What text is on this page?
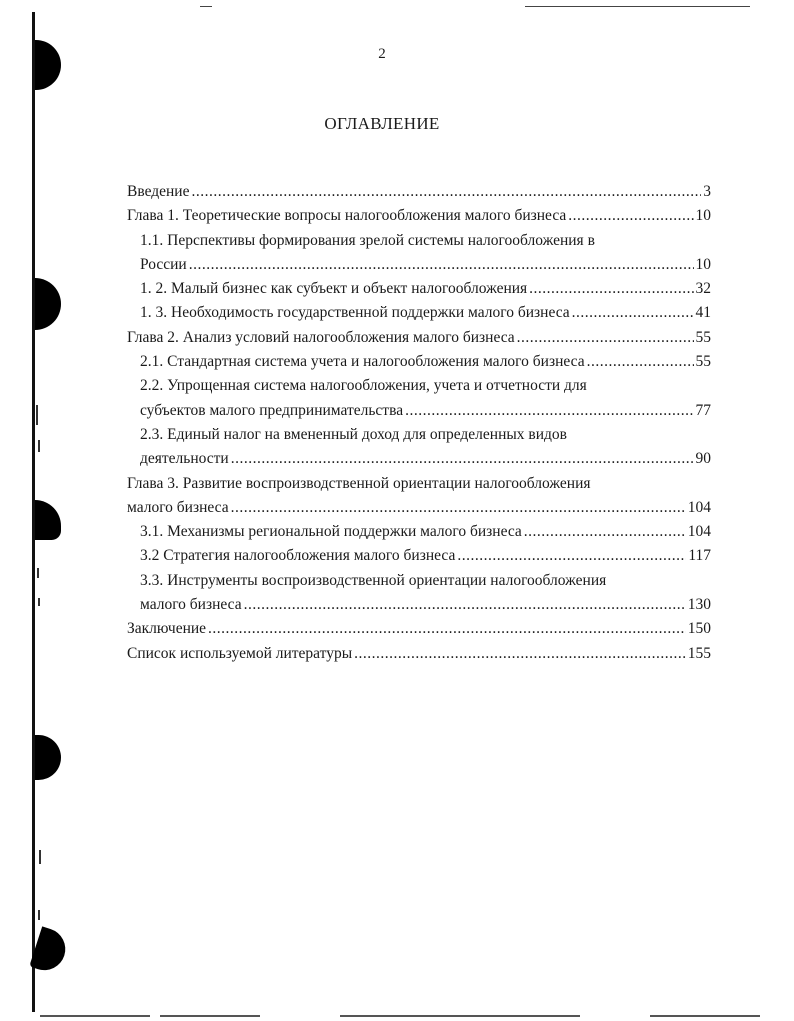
2
ОГЛАВЛЕНИЕ
Введение .....	3
Глава 1. Теоретические вопросы налогообложения малого бизнеса .....	10
1.1. Перспективы формирования зрелой системы налогообложения в
России .....	10
1. 2. Малый бизнес как субъект и объект налогообложения .....	32
1. 3. Необходимость государственной поддержки малого бизнеса .....	41
Глава 2. Анализ условий налогообложения малого бизнеса .....	55
2.1. Стандартная система учета и налогообложения малого бизнеса .....	55
2.2. Упрощенная система налогообложения, учета и отчетности для
субъектов малого предпринимательства .....	77
2.3. Единый налог на вмененный доход для определенных видов
деятельности .....	90
Глава 3. Развитие воспроизводственной ориентации налогообложения
малого бизнеса .....	104
3.1. Механизмы региональной поддержки малого бизнеса .....	104
3.2 Стратегия налогообложения малого бизнеса .....	117
3.3. Инструменты воспроизводственной ориентации налогообложения
малого бизнеса .....	130
Заключение .....	150
Список используемой литературы .....	155
